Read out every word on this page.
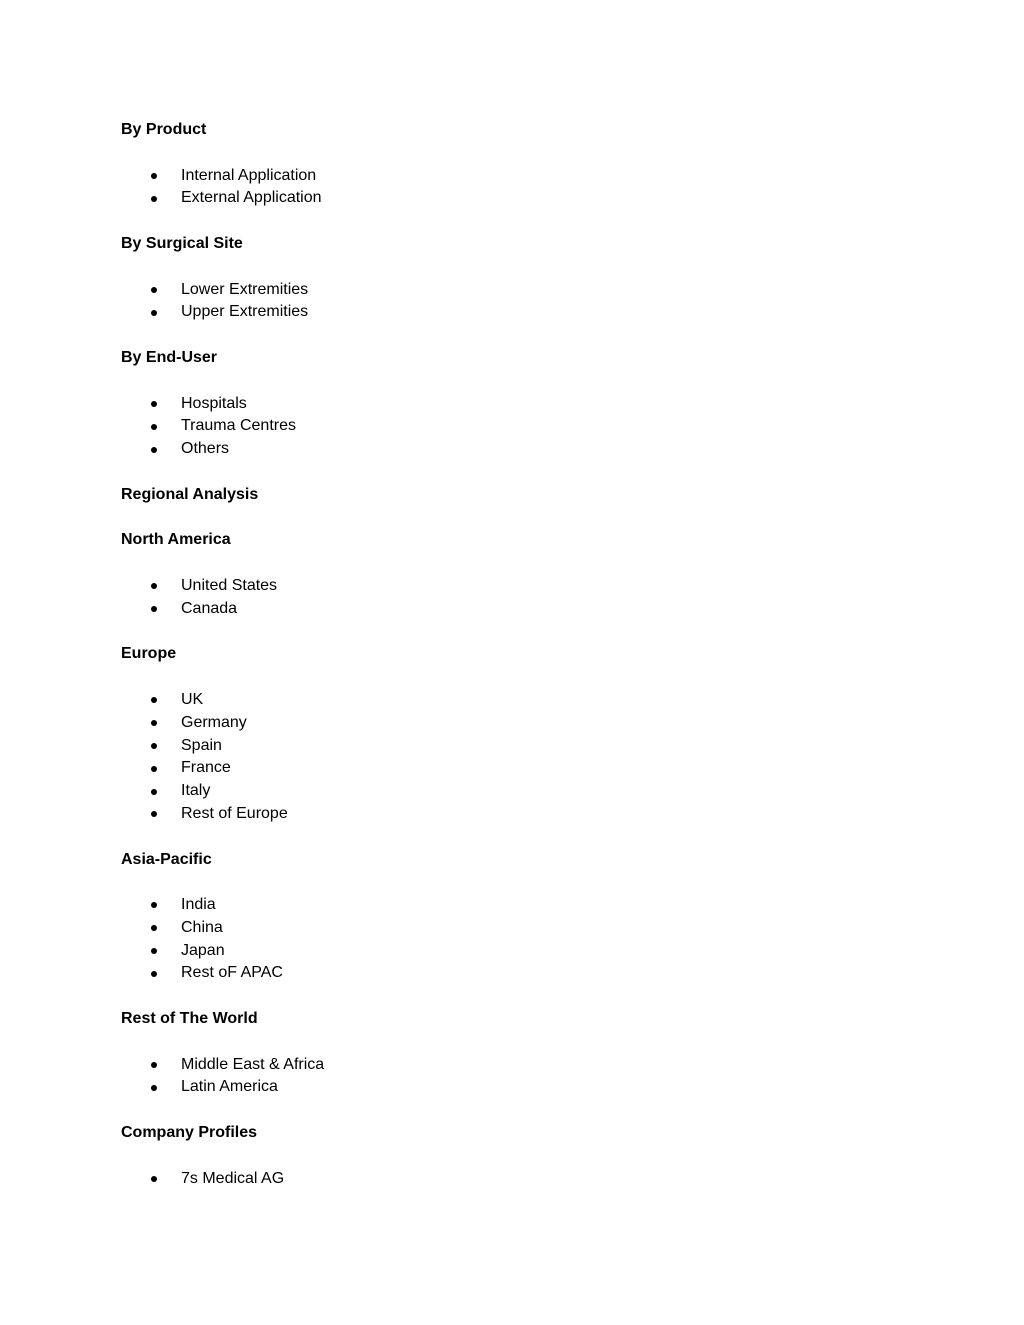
By Product
Internal Application
External Application
By Surgical Site
Lower Extremities
Upper Extremities
By End-User
Hospitals
Trauma Centres
Others
Regional Analysis
North America
United States
Canada
Europe
UK
Germany
Spain
France
Italy
Rest of Europe
Asia-Pacific
India
China
Japan
Rest oF APAC
Rest of The World
Middle East & Africa
Latin America
Company Profiles
7s Medical AG
